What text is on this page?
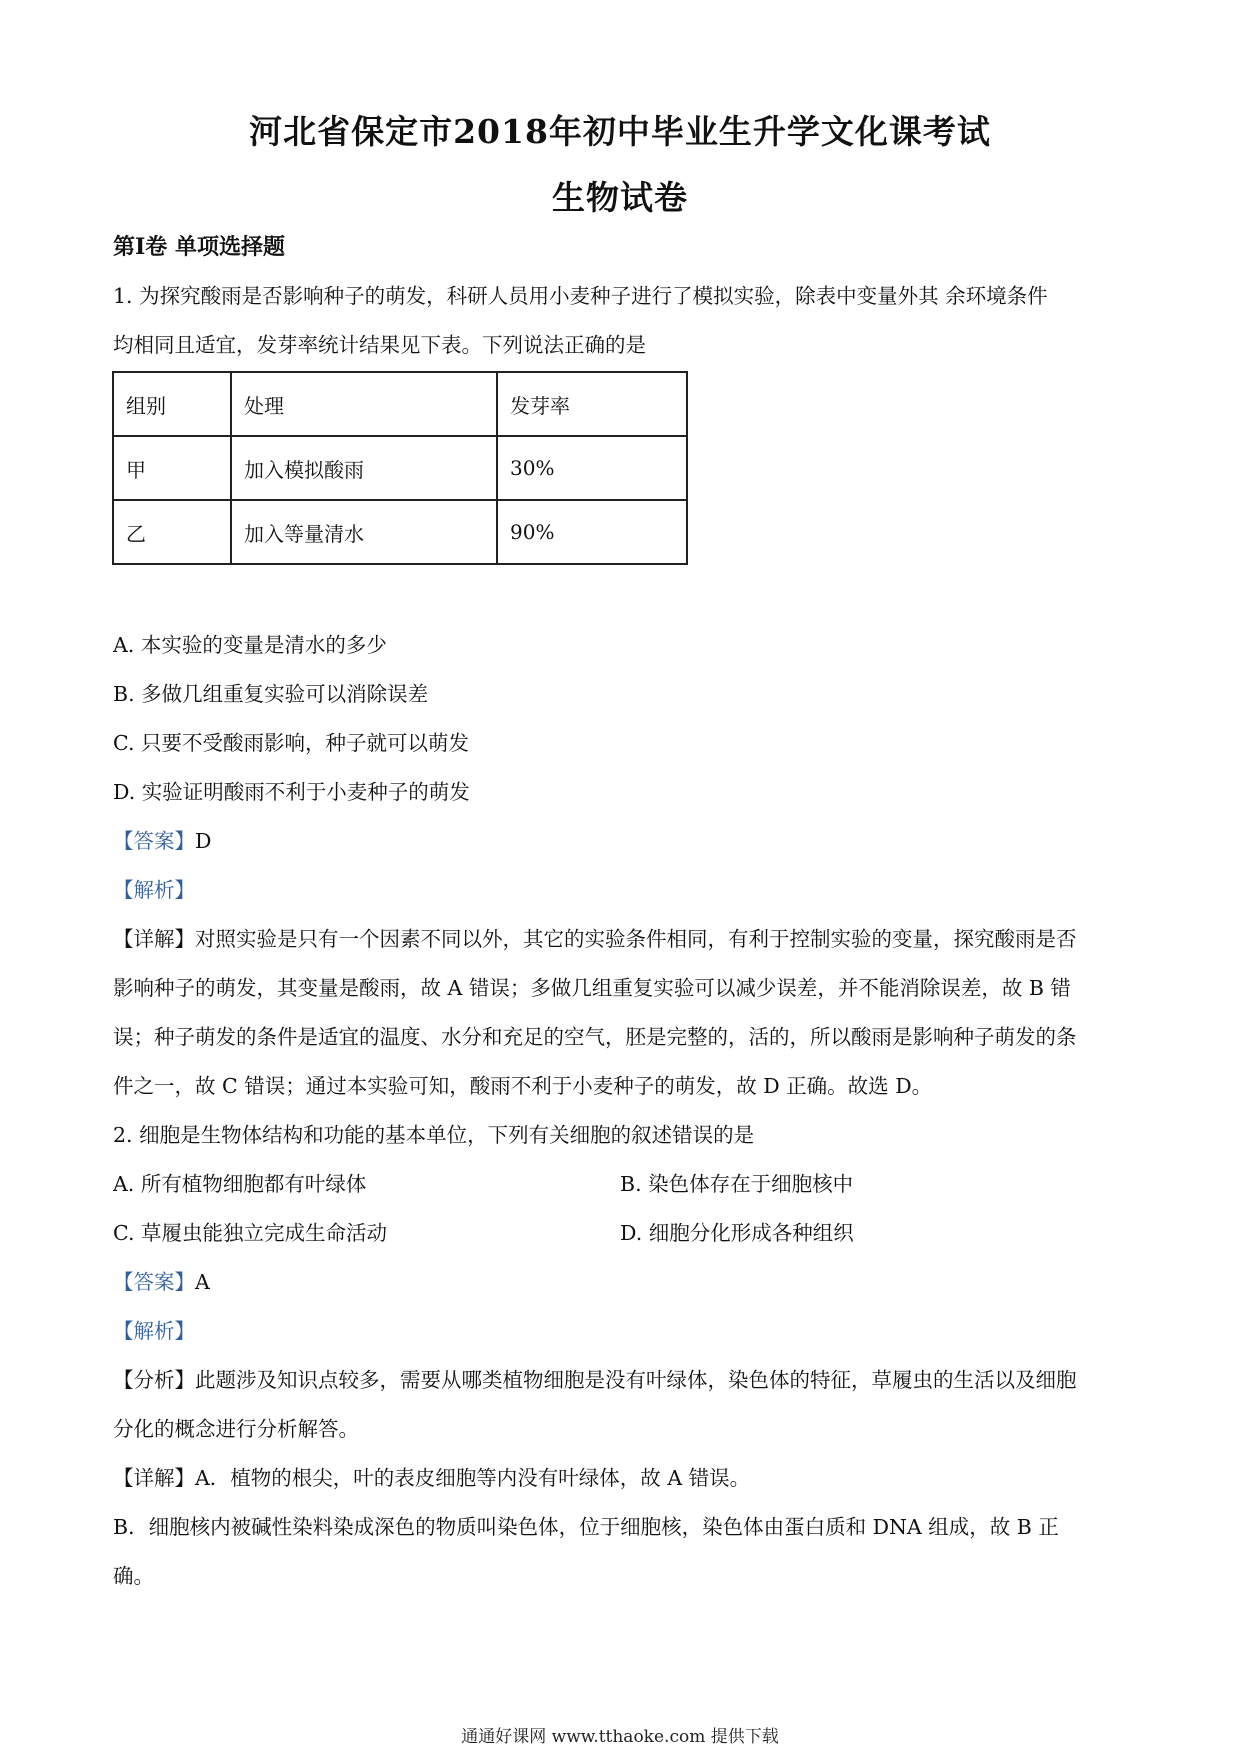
河北省保定市2018年初中毕业生升学文化课考试
生物试卷
第Ⅰ卷 单项选择题
1. 为探究酸雨是否影响种子的萌发，科研人员用小麦种子进行了模拟实验，除表中变量外其 余环境条件
均相同且适宜，发芽率统计结果见下表。下列说法正确的是
组别	处理	发芽率
甲	加入模拟酸雨	30%
乙	加入等量清水	90%
A. 本实验的变量是清水的多少
B. 多做几组重复实验可以消除误差
C. 只要不受酸雨影响，种子就可以萌发
D. 实验证明酸雨不利于小麦种子的萌发
【答案】D
【解析】
【详解】对照实验是只有一个因素不同以外，其它的实验条件相同，有利于控制实验的变量，探究酸雨是否
影响种子的萌发，其变量是酸雨，故 A 错误；多做几组重复实验可以减少误差，并不能消除误差，故 B 错
误；种子萌发的条件是适宜的温度、水分和充足的空气，胚是完整的，活的，所以酸雨是影响种子萌发的条
件之一，故 C 错误；通过本实验可知，酸雨不利于小麦种子的萌发，故 D 正确。故选 D。
2. 细胞是生物体结构和功能的基本单位，下列有关细胞的叙述错误的是
A. 所有植物细胞都有叶绿体	B. 染色体存在于细胞核中
C. 草履虫能独立完成生命活动	D. 细胞分化形成各种组织
【答案】A
【解析】
【分析】此题涉及知识点较多，需要从哪类植物细胞是没有叶绿体，染色体的特征，草履虫的生活以及细胞
分化的概念进行分析解答。
【详解】A．植物的根尖，叶的表皮细胞等内没有叶绿体，故 A 错误。
B．细胞核内被碱性染料染成深色的物质叫染色体，位于细胞核，染色体由蛋白质和 DNA 组成，故 B 正
确。
通通好课网 www.tthaoke.com 提供下载
